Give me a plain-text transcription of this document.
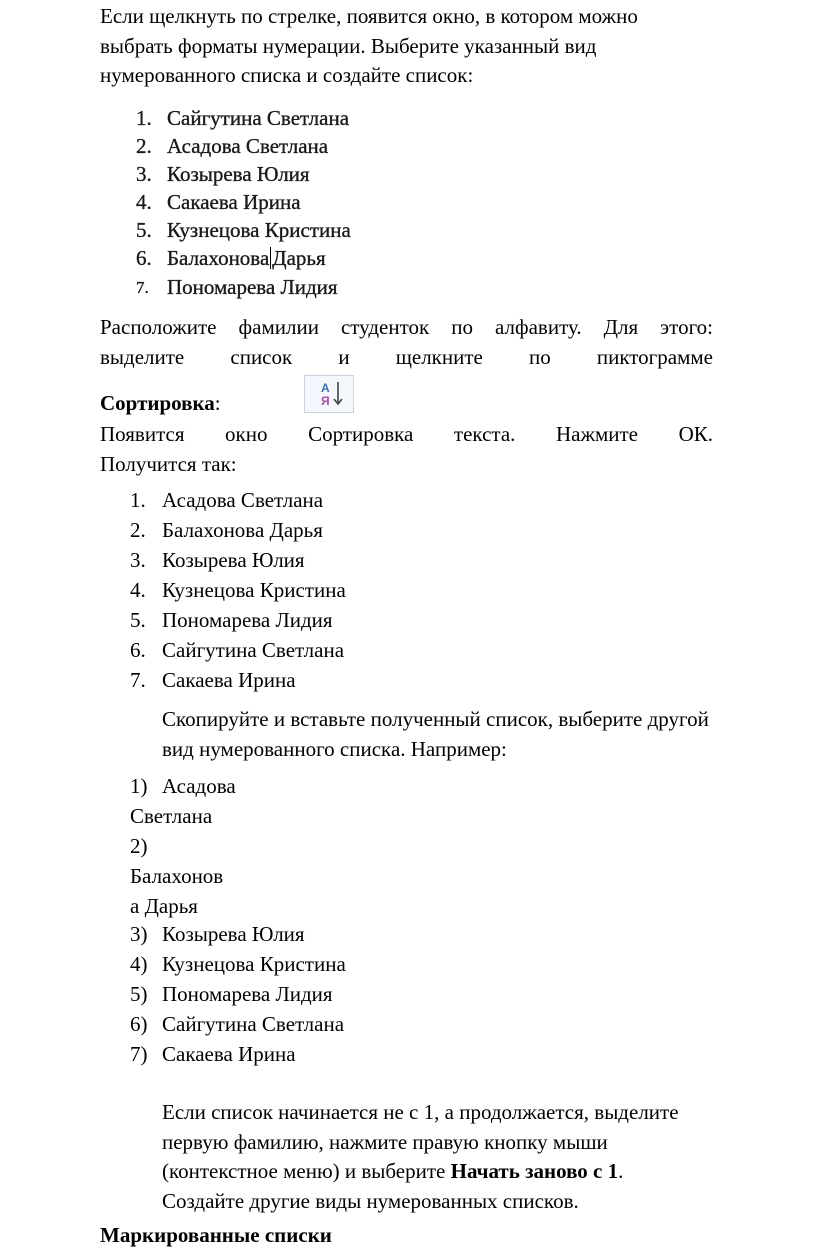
Если щелкнуть по стрелке, появится окно, в котором можно
выбрать форматы нумерации. Выберите указанный вид
нумерованного списка и создайте список:
1. Сайгутина Светлана
2. Асадова Светлана
3. Козырева Юлия
4. Сакаева Ирина
5. Кузнецова Кристина
6. Балахонова Дарья
7. Пономарева Лидия
Расположите фамилии студенток по алфавиту. Для этого:
выделите список и щелкните по пиктограмме
Сортировка:
А
Я
Появится окно Сортировка текста. Нажмите ОК.
Получится так:
1. Асадова Светлана
2. Балахонова Дарья
3. Козырева Юлия
4. Кузнецова Кристина
5. Пономарева Лидия
6. Сайгутина Светлана
7. Сакаева Ирина
Скопируйте и вставьте полученный список, выберите другой
вид нумерованного списка. Например:
1) Асадова
Светлана
2)
Балахонов
а Дарья
3) Козырева Юлия
4) Кузнецова Кристина
5) Пономарева Лидия
6) Сайгутина Светлана
7) Сакаева Ирина
Если список начинается не с 1, а продолжается, выделите
первую фамилию, нажмите правую кнопку мыши
(контекстное меню) и выберите Начать заново с 1.
Создайте другие виды нумерованных списков.
Маркированные списки
